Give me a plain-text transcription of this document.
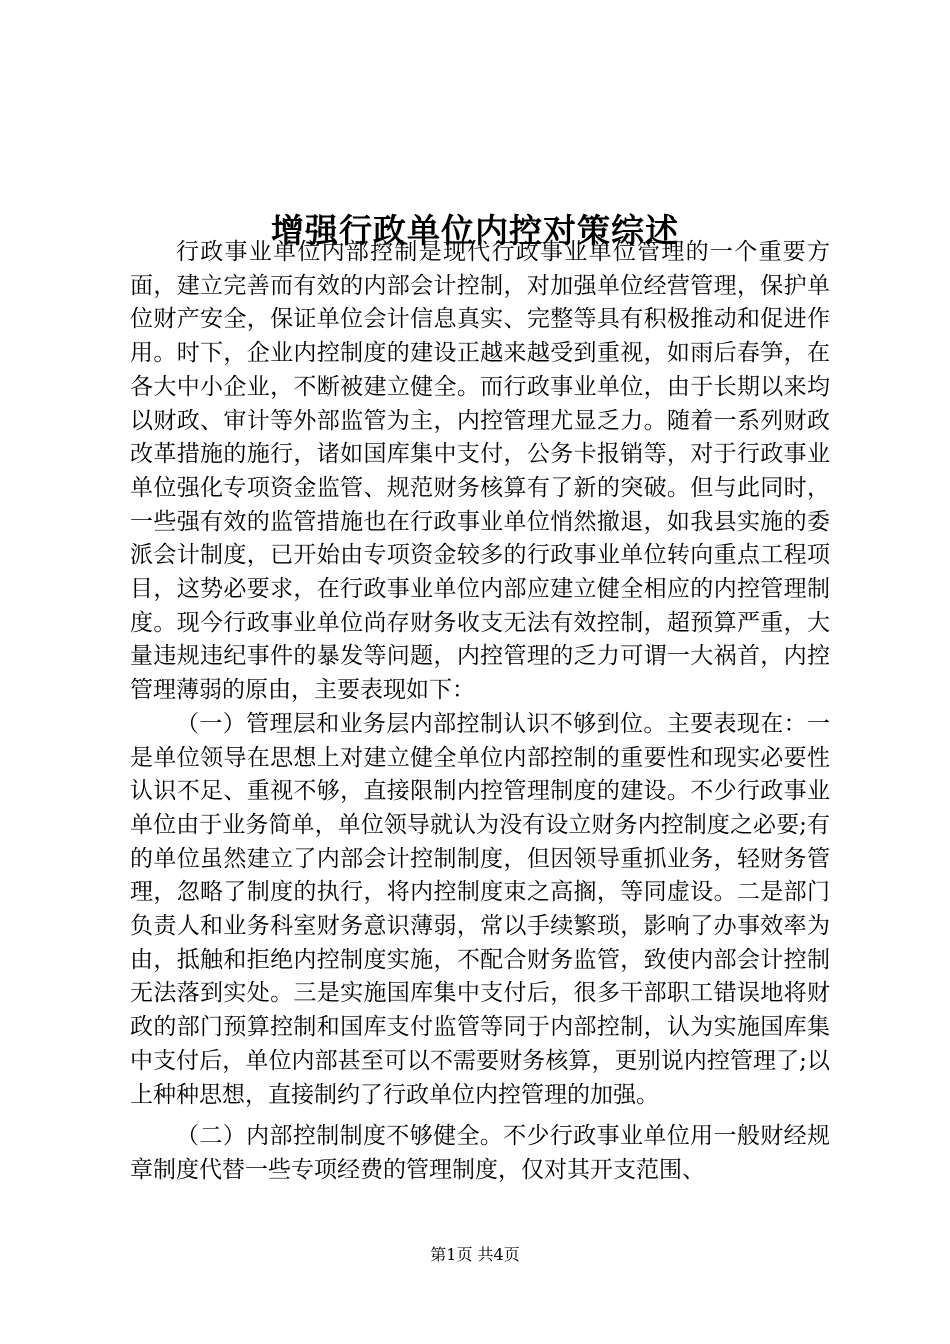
增强行政单位内控对策综述

行政事业单位内部控制是现代行政事业单位管理的一个重要方面，建立完善而有效的内部会计控制，对加强单位经营管理，保护单位财产安全，保证单位会计信息真实、完整等具有积极推动和促进作用。时下，企业内控制度的建设正越来越受到重视，如雨后春笋，在各大中小企业，不断被建立健全。而行政事业单位，由于长期以来均以财政、审计等外部监管为主，内控管理尤显乏力。随着一系列财政改革措施的施行，诸如国库集中支付，公务卡报销等，对于行政事业单位强化专项资金监管、规范财务核算有了新的突破。但与此同时，一些强有效的监管措施也在行政事业单位悄然撤退，如我县实施的委派会计制度，已开始由专项资金较多的行政事业单位转向重点工程项目，这势必要求，在行政事业单位内部应建立健全相应的内控管理制度。现今行政事业单位尚存财务收支无法有效控制，超预算严重，大量违规违纪事件的暴发等问题，内控管理的乏力可谓一大祸首，内控管理薄弱的原由，主要表现如下：

（一）管理层和业务层内部控制认识不够到位。主要表现在：一是单位领导在思想上对建立健全单位内部控制的重要性和现实必要性认识不足、重视不够，直接限制内控管理制度的建设。不少行政事业单位由于业务简单，单位领导就认为没有设立财务内控制度之必要;有的单位虽然建立了内部会计控制制度，但因领导重抓业务，轻财务管理，忽略了制度的执行，将内控制度束之高搁，等同虚设。二是部门负责人和业务科室财务意识薄弱，常以手续繁琐，影响了办事效率为由，抵触和拒绝内控制度实施，不配合财务监管，致使内部会计控制无法落到实处。三是实施国库集中支付后，很多干部职工错误地将财政的部门预算控制和国库支付监管等同于内部控制，认为实施国库集中支付后，单位内部甚至可以不需要财务核算，更别说内控管理了;以上种种思想，直接制约了行政单位内控管理的加强。

（二）内部控制制度不够健全。不少行政事业单位用一般财经规章制度代替一些专项经费的管理制度，仅对其开支范围、

第1页 共4页
